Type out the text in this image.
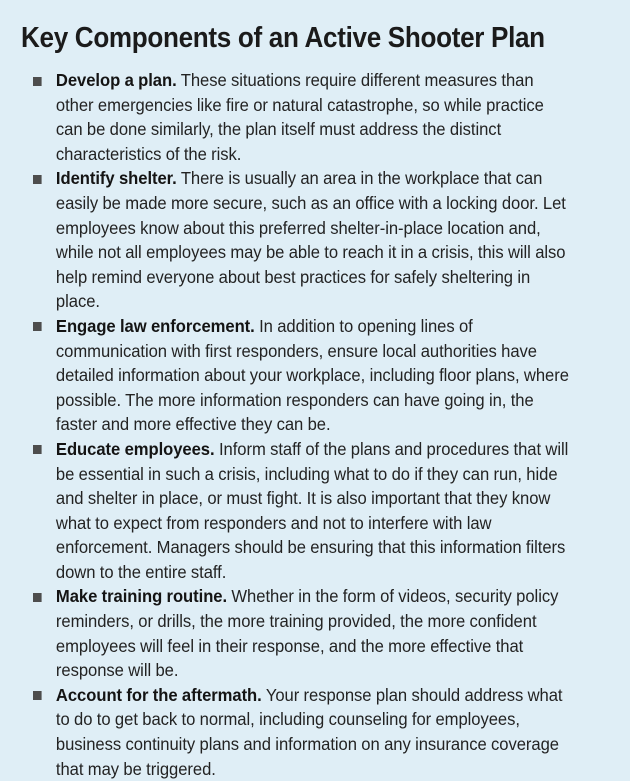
Key Components of an Active Shooter Plan
Develop a plan. These situations require different measures than other emergencies like fire or natural catastrophe, so while practice can be done similarly, the plan itself must address the distinct characteristics of the risk.
Identify shelter. There is usually an area in the workplace that can easily be made more secure, such as an office with a locking door. Let employees know about this preferred shelter-in-place location and, while not all employees may be able to reach it in a crisis, this will also help remind everyone about best practices for safely sheltering in place.
Engage law enforcement. In addition to opening lines of communication with first responders, ensure local authorities have detailed information about your workplace, including floor plans, where possible. The more information responders can have going in, the faster and more effective they can be.
Educate employees. Inform staff of the plans and procedures that will be essential in such a crisis, including what to do if they can run, hide and shelter in place, or must fight. It is also important that they know what to expect from responders and not to interfere with law enforcement. Managers should be ensuring that this information filters down to the entire staff.
Make training routine. Whether in the form of videos, security policy reminders, or drills, the more training provided, the more confident employees will feel in their response, and the more effective that response will be.
Account for the aftermath. Your response plan should address what to do to get back to normal, including counseling for employees, business continuity plans and information on any insurance coverage that may be triggered.
